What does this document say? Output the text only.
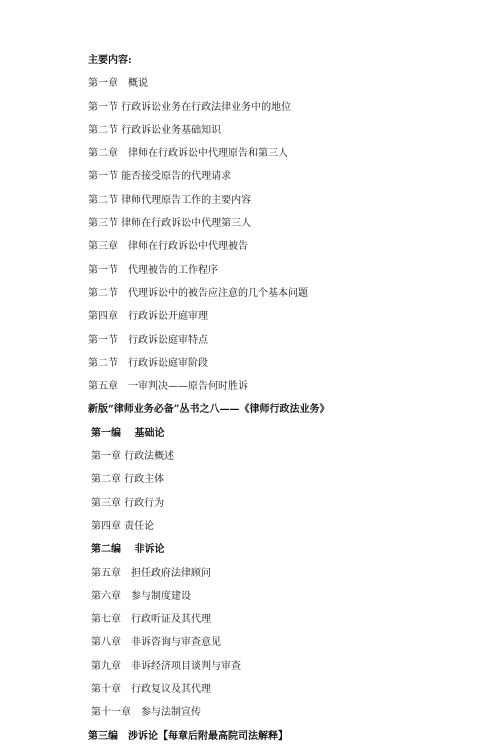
主要内容:
第一章　概说
第一节 行政诉讼业务在行政法律业务中的地位
第二节 行政诉讼业务基础知识
第二章　律师在行政诉讼中代理原告和第三人
第一节 能否接受原告的代理请求
第二节 律师代理原告工作的主要内容
第三节 律师在行政诉讼中代理第三人
第三章　律师在行政诉讼中代理被告
第一节　代理被告的工作程序
第二节　代理诉讼中的被告应注意的几个基本问题
第四章　行政诉讼开庭审理
第一节　行政诉讼庭审特点
第二节　行政诉讼庭审阶段
第五章　一审判决——原告何时胜诉
新版“律师业务必备”丛书之八——《律师行政法业务》
第一编　 基础论
第一章 行政法概述
第二章 行政主体
第三章 行政行为
第四章 责任论
第二编　 非诉论
第五章　担任政府法律顾问
第六章　参与制度建设
第七章　行政听证及其代理
第八章　非诉咨询与审查意见
第九章　非诉经济项目谈判与审查
第十章　行政复议及其代理
第十一章　参与法制宣传
第三编　涉诉论【每章后附最高院司法解释】
